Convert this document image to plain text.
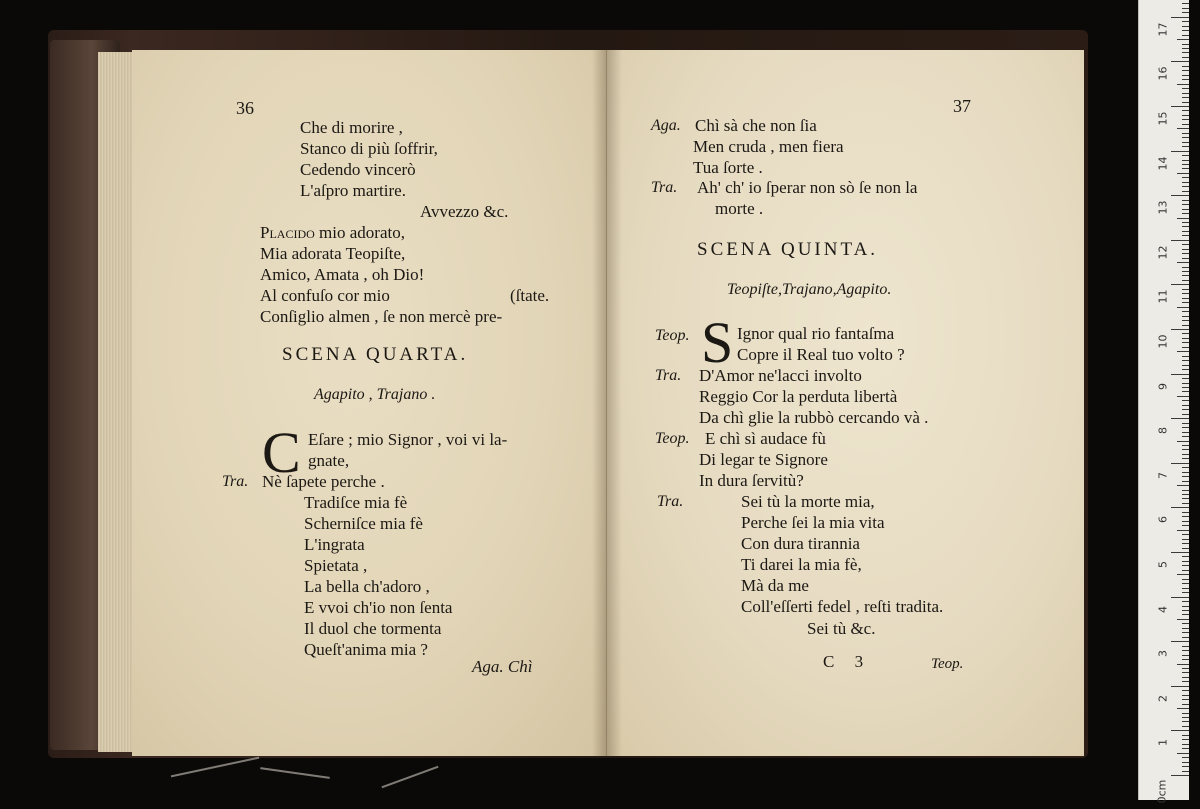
36
Che di morire ,
Stanco di più ſoffrir,
Cedendo vincerò
L'aſpro martire.
Avvezzo &c.
Placido mio adorato,
Mia adorata Teopiſte,
Amico, Amata , oh Dio!
Al confuſo cor mio	(ſtate.
Conſiglio almen , ſe non mercè pre-
SCENA QUARTA.
Agapito , Trajano .
C Eſare ; mio Signor , voi vi la-
gnate,
Tra. Nè ſapete perche .
Tradiſce mia fè
Scherniſce mia fè
L'ingrata
Spietata ,
La bella ch'adoro ,
E vvoi ch'io non ſenta
Il duol che tormenta
Queſt'anima mia ?
Aga. Chì
37
Aga. Chì sà che non ſia
Men cruda , men fiera
Tua ſorte .
Tra. Ah' ch' io ſperar non sò ſe non la
morte .
SCENA QUINTA.
Teopiſte,Trajano,Agapito.
Teop. S Ignor qual rio fantaſma
Copre il Real tuo volto ?
Tra. D'Amor ne'lacci involto
Reggio Cor la perduta libertà
Da chì glie la rubbò cercando và .
Teop. E chì sì audace fù
Di legar te Signore
In dura ſervitù?
Tra.	Sei tù la morte mia,
Perche ſei la mia vita
Con dura tirannia
Ti darei la mia fè,
Mà da me
Coll'eſſerti fedel , reſti tradita.
Sei tù &c.
C 3	Teop.
0cm
1
2
3
4
5
6
7
8
9
10
11
12
13
14
15
16
17
